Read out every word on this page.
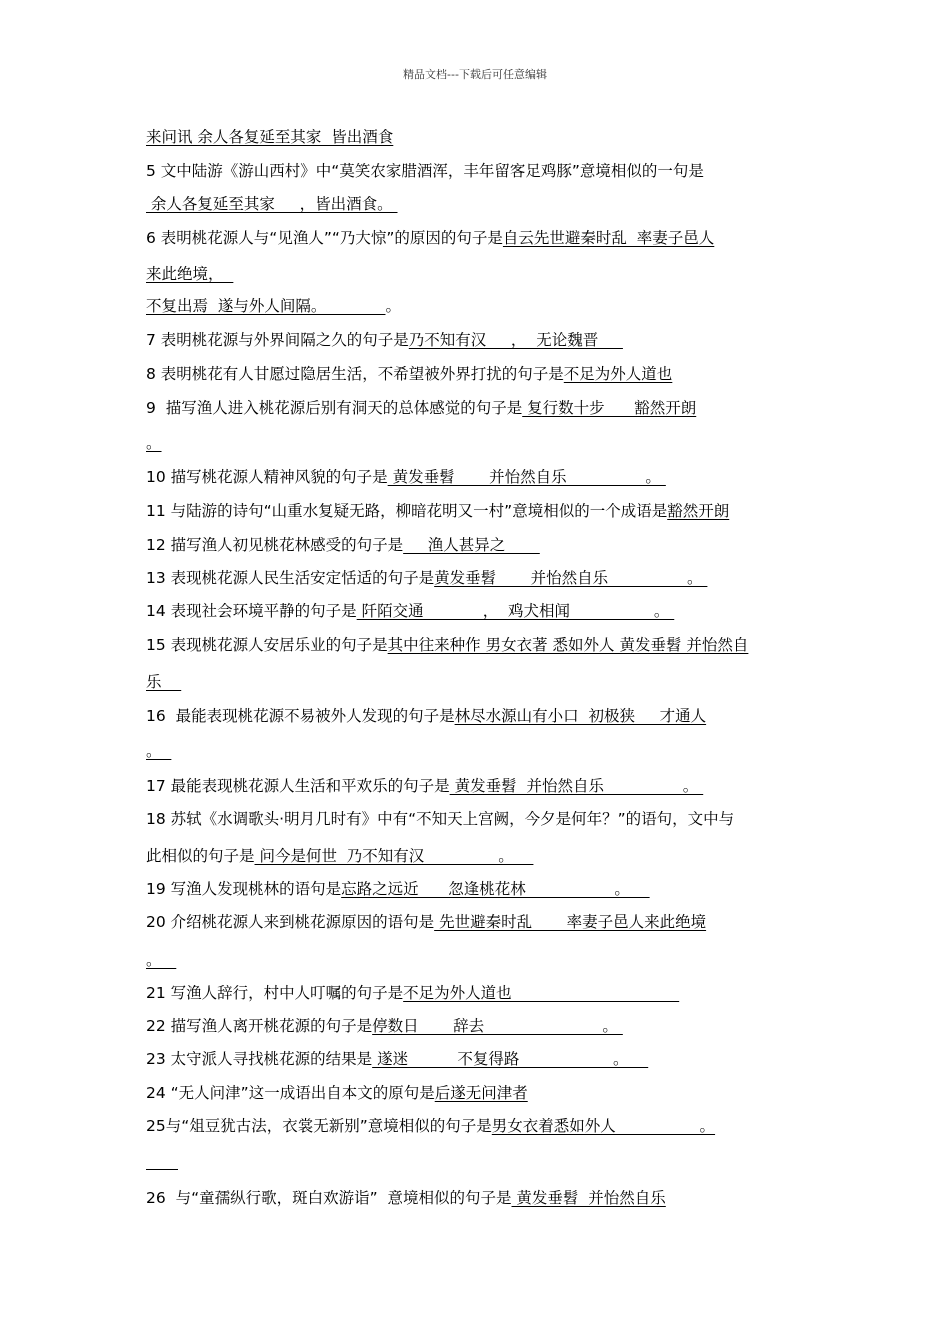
精品文档---下载后可任意编辑
来问讯 余人各复延至其家  皆出酒食
5 文中陆游《游山西村》中“莫笑农家腊酒浑，丰年留客足鸡豚”意境相似的一句是
余人各复延至其家     ，皆出酒食。
6 表明桃花源人与“见渔人”“乃大惊”的原因的句子是自云先世避秦时乱  率妻子邑人
来此绝境，
不复出焉  遂与外人间隔。            。
7 表明桃花源与外界间隔之久的句子是乃不知有汉     ，  无论魏晋
8 表明桃花有人甘愿过隐居生活，不希望被外界打扰的句子是不足为外人道也
9  描写渔人进入桃花源后别有洞天的总体感觉的句子是 复行数十步      豁然开朗
。
10 描写桃花源人精神风貌的句子是 黄发垂髫       并怡然自乐                。
11 与陆游的诗句“山重水复疑无路，柳暗花明又一村”意境相似的一个成语是豁然开朗
12 描写渔人初见桃花林感受的句子是     渔人甚异之
13 表现桃花源人民生活安定恬适的句子是黄发垂髫       并怡然自乐                。
14 表现社会环境平静的句子是 阡陌交通            ，  鸡犬相闻                 。
15 表现桃花源人安居乐业的句子是其中往来种作 男女衣著 悉如外人 黄发垂髫 并怡然自
乐
16  最能表现桃花源不易被外人发现的句子是林尽水源山有小口  初极狭     才通人
。
17 最能表现桃花源人生活和平欢乐的句子是 黄发垂髫  并怡然自乐                。
18 苏轼《水调歌头·明月几时有》中有“不知天上宫阙，今夕是何年？”的语句，文中与
此相似的句子是 问今是何世  乃不知有汉               。
19 写渔人发现桃林的语句是忘路之远近      忽逢桃花林                  。
20 介绍桃花源人来到桃花源原因的语句是 先世避秦时乱       率妻子邑人来此绝境
。
21 写渔人辞行，村中人叮嘱的句子是不足为外人道也
22 描写渔人离开桃花源的句子是停数日       辞去                        。
23 太守派人寻找桃花源的结果是 遂迷          不复得路                   。
24 “无人问津”这一成语出自本文的原句是后遂无问津者
25与“俎豆犹古法，衣裳无新别”意境相似的句子是男女衣着悉如外人                 。
26  与“童孺纵行歌，斑白欢游诣”  意境相似的句子是 黄发垂髫  并怡然自乐
